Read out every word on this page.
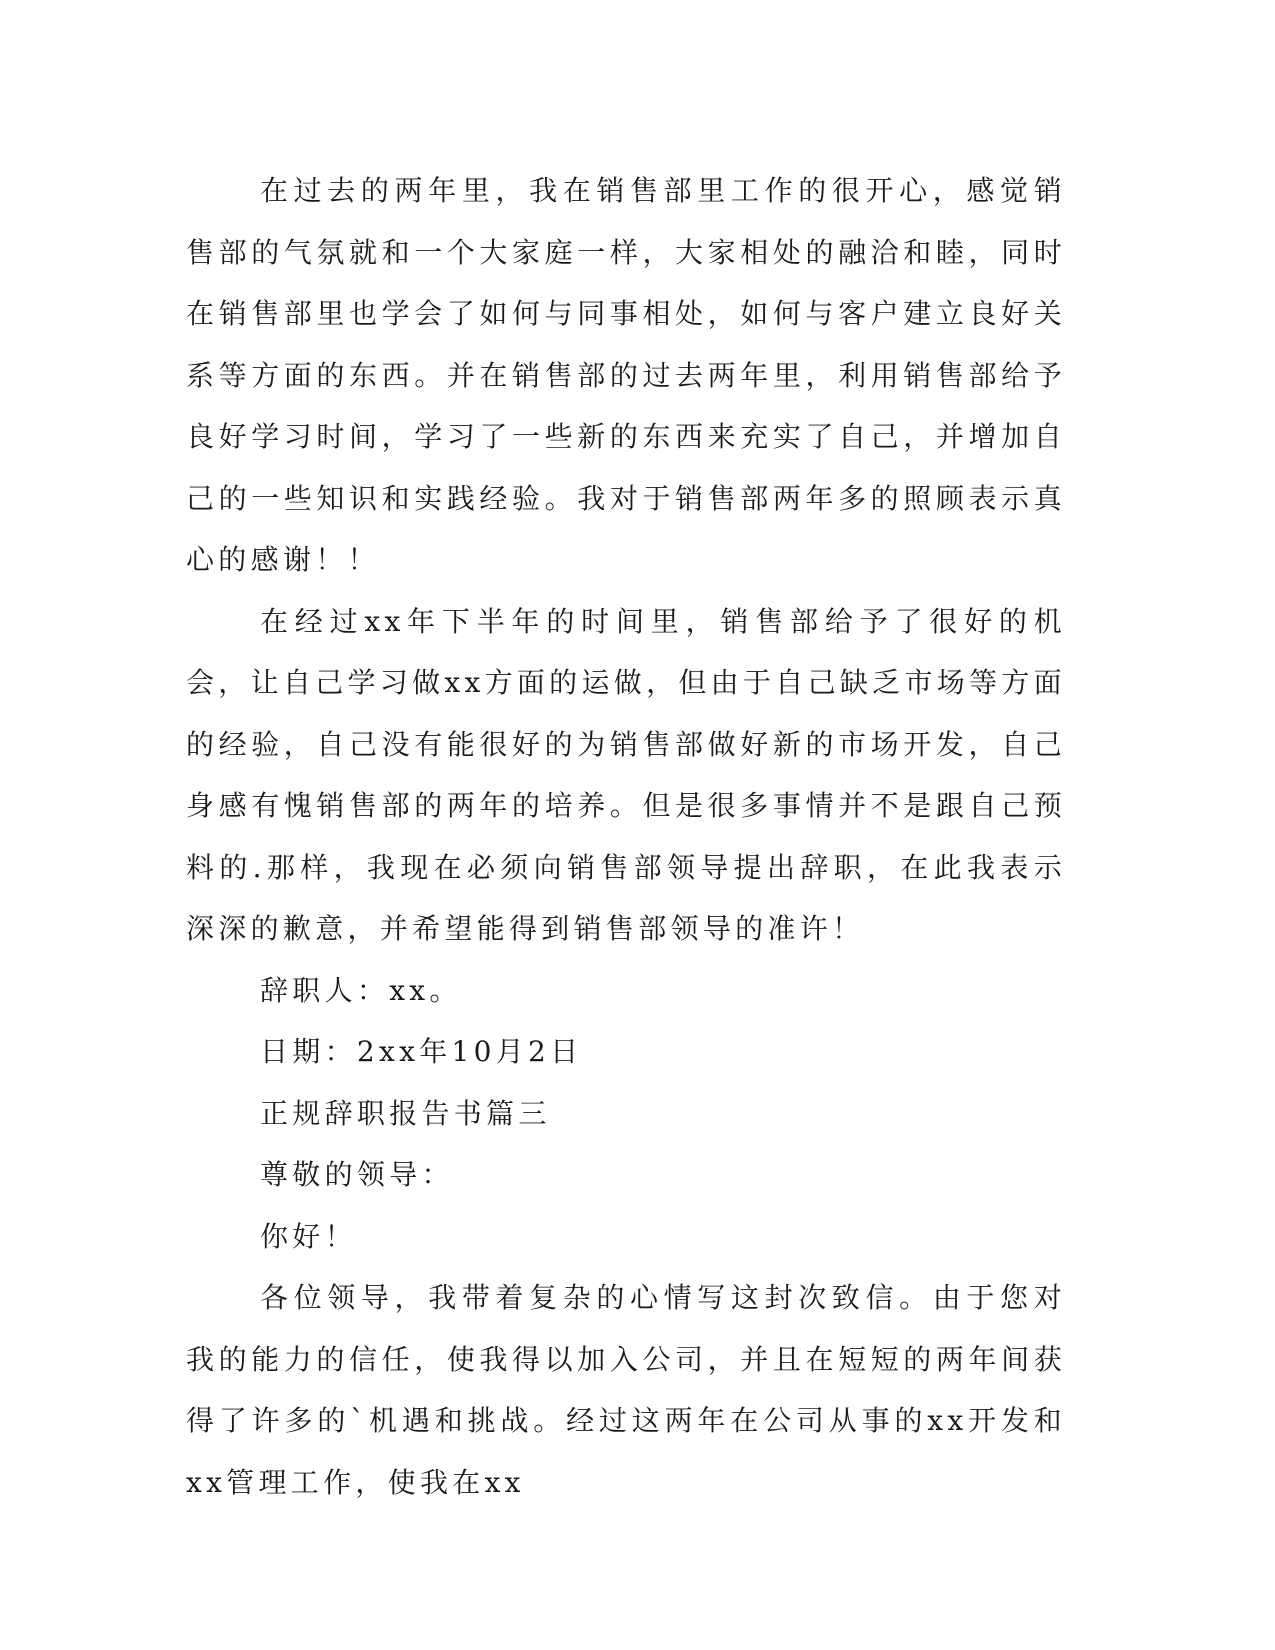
在过去的两年里，我在销售部里工作的很开心，感觉销售部的气氛就和一个大家庭一样，大家相处的融洽和睦，同时在销售部里也学会了如何与同事相处，如何与客户建立良好关系等方面的东西。并在销售部的过去两年里，利用销售部给予良好学习时间，学习了一些新的东西来充实了自己，并增加自己的一些知识和实践经验。我对于销售部两年多的照顾表示真心的感谢！！

在经过xx年下半年的时间里，销售部给予了很好的机会，让自己学习做xx方面的运做，但由于自己缺乏市场等方面的经验，自己没有能很好的为销售部做好新的市场开发，自己身感有愧销售部的两年的培养。但是很多事情并不是跟自己预料的.那样，我现在必须向销售部领导提出辞职，在此我表示深深的歉意，并希望能得到销售部领导的准许！

辞职人：xx。

日期：2xx年10月2日

正规辞职报告书篇三

尊敬的领导：

你好！

各位领导，我带着复杂的心情写这封次致信。由于您对我的能力的信任，使我得以加入公司，并且在短短的两年间获得了许多的`机遇和挑战。经过这两年在公司从事的xx开发和xx管理工作，使我在xx
